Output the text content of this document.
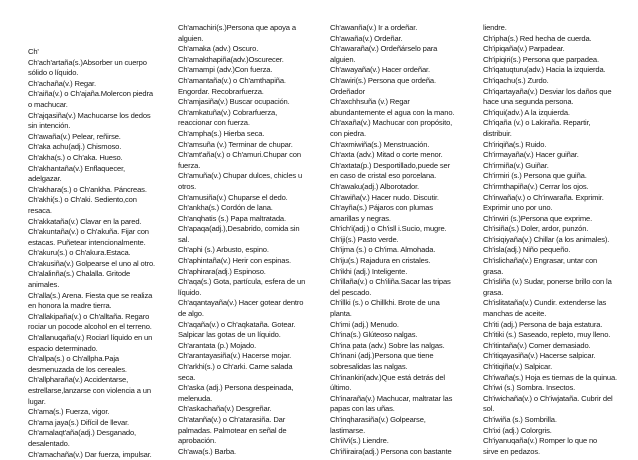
Ch'

Ch'ach'artaña(s.)Absorber un cuerpo

sólido o líquido.

Ch'achaña(v.) Regar.

Ch'aiña(v.) o Ch'ajaña.Molercon piedra

o machucar.

Ch'ajqasiña(v.) Machucarse los dedos

sin intención.

Ch'awaña(v.) Pelear, reñirse.

Ch'aka achu(adj.) Chismoso.

Ch'akha(s.) o Ch'aka. Hueso.

Ch'akhantaña(v.) Enflaquecer,

adelgazar.

Ch'akhara(s.) o Ch'ankha. Páncreas.

Ch'akhi(s.) o Ch'aki. Sediento,con

resaca.

Ch'akkataña(v.) Clavar en la pared.

Ch'akuntaña(v.) o Ch'akuña. Fijar con

estacas. Puñetear intencionalmente.

Ch'akuru(s.) o Ch'akura.Estaca.

Ch'akusiña(v.) Golpearse el uno al otro.

Ch'alalinña(s.) Chalalla. Gritode

animales.

Ch'alla(s.) Arena. Fiesta que se realiza

en honora la madre tierra.

Ch'allakipaña(v.) o Ch'alltaña. Regaro

rociar un pocode alcohol en el terreno.

Ch'allanuqaña(v.) Rociarl líquido en un

espacio determinado.

Ch'allpa(s.) o Ch'allpha.Paja

desmenuzada de los cereales.

Ch'allpharaña(v.) Accidentarse,

estrellarse,lanzarse con violencia a un

lugar.

Ch'ama(s.) Fuerza, vigor.

Ch'ama jaya(s.) Difícil de llevar.

Ch'amalaqt'aña(adj.) Desganado,

desalentado.

Ch'amachaña(v.) Dar fuerza, impulsar.

Ch'amachiri(s.)Persona que apoya a

alguien.

Ch'amaka (adv.) Oscuro.

Ch'amakthapiña(adv.)Oscurecer.

Ch'amampi (adv.)Con fuerza.

Ch'amantaña(v.) o Ch'amthapiña.

Engordar. Recobrarfuerza.

Ch'amjasiña(v.) Buscar ocupación.

Ch'amkatuña(v.) Cobrarfuerza,

reaccionar con fuerza.

Ch'ampha(s.) Hierba seca.

Ch'amsuña (v.) Terminar de chupar.

Ch'amt'aña(v.) o Ch'amuri.Chupar con

fuerza.

Ch'amuña(v.) Chupar dulces, chicles u

otros.

Ch'amusiña(v.) Chuparse el dedo.

Ch'ankha(s.) Cordón de lana.

Ch'anqhatis (s.) Papa maltratada.

Ch'apaqa(adj.),Desabrido, comida sin

sal.

Ch'aphi (s.) Arbusto, espino.

Ch'aphintaña(v.) Herir con espinas.

Ch'aphirara(adj.) Espinoso.

Ch'aqa(s.) Gota, partícula, esfera de un

líquido.

Ch'aqantayaña(v.) Hacer gotear dentro

de algo.

Ch'aqaña(v.) o Ch'aqkataña. Gotear.

Salpicar las gotas de un líquido.

Ch'arantata (p.) Mojado.

Ch'arantayasiña(v.) Hacerse mojar.

Ch'arkhi(s.) o Ch'arki. Carne salada

seca.

Ch'aska (adj.) Persona despeinada,

melenuda.

Ch'askachaña(v.) Desgreñar.

Ch'atanña(v.) o Ch'atarasiña. Dar

palmadas. Palmotear en señal de

aprobación.

Ch'awa(s.) Barba.

Ch'awanña(v.) Ir a ordeñar.

Ch'awaña(v.) Ordeñar.

Ch'awaraña(v.) Ordeñárselo para

alguien.

Ch'awayaña(v.) Hacer ordeñar.

Ch'awiri(s.) Persona que ordeña.

Ordeñador

Ch'axchhsuña (v.) Regar

abundantemente el agua con la mano.

Ch'axaña(v.) Machucar con propósito,

con piedra.

Ch'axmiwiña(s.) Menstruación.

Ch'axta (adv.) Mitad o corte menor.

Ch'axtata(p.) Desportillado,puede ser

en caso de cristal eso porcelana.

Ch'awaku(adj.) Alborotador.

Ch'awiña(v.) Hacer nudo. Discutir.

Ch'ayña(s.) Pájaros con plumas

amarillas y negras.

Ch'ich'i(adj.) o Ch'isll i.Sucio, mugre.

Ch'iji(s.) Pasto verde.

Ch'ijma (s.) o Ch'ima. Almohada.

Ch'iju(s.) Rajadura en cristales.

Ch'ikhi (adj.) Inteligente.

Ch'illaña(v.) o Ch'iliña.Sacar las tripas

del pescado.

Ch'illki (s.) o Chillkhi. Brote de una

planta.

Ch'imi (adj.) Menudo.

Ch'ina(s.) Glúteoso nalgas.

Ch'ina pata (adv.) Sobre las nalgas.

Ch'inani (adj.)Persona que tiene

sobresalidas las nalgas.

Ch'inankiri(adv.)Que está detrás del

último.

Ch'inaraña(v.) Machucar, maltratar las

papas con las uñas.

Ch'inqharasiña(v.) Golpearse,

lastimarse.

Ch'iiVi(s.) Liendre.

Ch'iñiraira(adj.) Persona con bastante

liendre.

Ch'ipha(s.) Red hecha de cuerda.

Ch'ipiqaña(v.) Parpadear.

Ch'ipiqiri(s.) Persona que parpadea.

Ch'iqatuqturu(adv.) Hacia la izquierda.

Ch'iqachu(s.) Zurdo.

Ch'iqartayaña(v.) Desviar los daños que

hace una segunda persona.

Ch'iqui(adv.) A la izquierda.

Ch'iqaña (v.) o Lakiraña. Repartir,

distribuir.

Ch'iriqiña(s.) Ruido.

Ch'irmayaña(v.) Hacer guiñar.

Ch'irmiña(v.) Guiñar.

Ch'irmiri (s.) Persona que guiña.

Ch'irmthapiña(v.) Cerrar los ojos.

Ch'irwaña(v.) o Ch'irwaraña. Exprimir.

Exprimir uno por uno.

Ch'irwiri (s.)Persona que exprime.

Ch'isiña(s.) Doler, ardor, punzón.

Ch'isiqiyaña(v.) Chillar (a los animales).

Ch'isla(adj.) Niño pequeño.

Ch'islichaña(v.) Engrasar, untar con

grasa.

Ch'isliña (v.) Sudar, ponerse brillo con la

grasa.

Ch'islitataña(v.) Cundir. extenderse las

manchas de aceite.

Ch'iti (adj.) Persona de baja estatura.

Ch'itiki (s.) Saseado, repleto, muy lleno.

Ch'itintaña(v.) Comer demasiado.

Ch'itiqayasiña(v.) Hacerse salpicar.

Ch'itiqiña(v.) Salpicar.

Ch'iwaña(s.) Hoja es tiernas de la quinua.

Ch'iwi (s.) Sombra. Insectos.

Ch'iwichaña(v.) o Ch'iwjataña. Cubrir del

sol.

Ch'iwiña (s.) Sombrilla.

Ch'ixi (adj.) Colorgris.

Ch'iyanuqaña(v.) Romper lo que no

sirve en pedazos.
